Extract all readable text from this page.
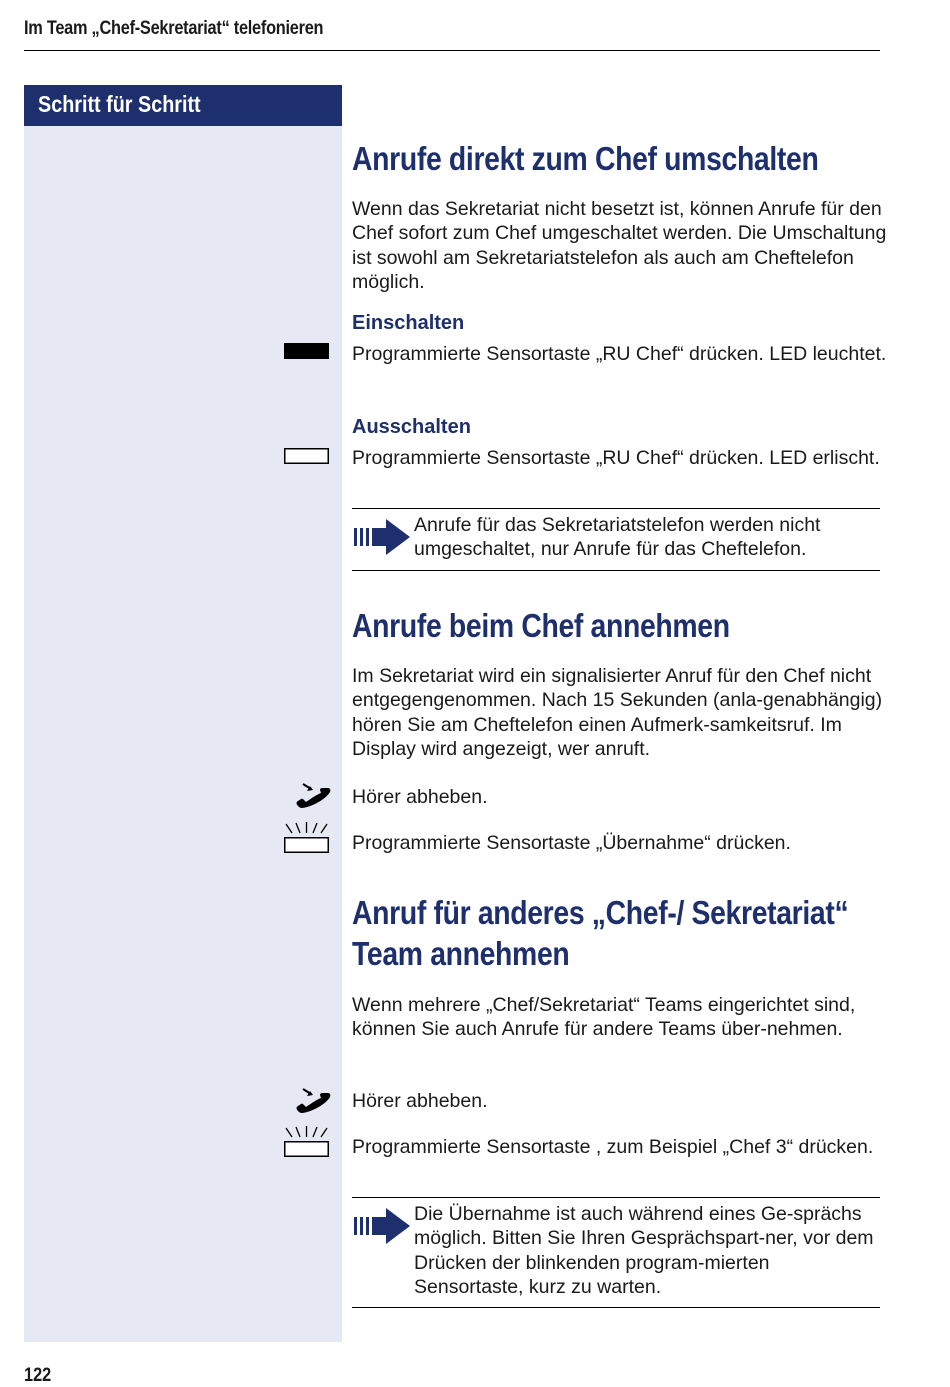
Im Team „Chef-Sekretariat“ telefonieren
Schritt für Schritt
Anrufe direkt zum Chef umschalten
Wenn das Sekretariat nicht besetzt ist, können Anrufe für den Chef sofort zum Chef umgeschaltet werden. Die Umschaltung ist sowohl am Sekretariatstelefon als auch am Cheftelefon möglich.
Einschalten
Programmierte Sensortaste „RU Chef“ drücken. LED leuchtet.
Ausschalten
Programmierte Sensortaste „RU Chef“ drücken. LED erlischt.
Anrufe für das Sekretariatstelefon werden nicht umgeschaltet, nur Anrufe für das Cheftelefon.
Anrufe beim Chef annehmen
Im Sekretariat wird ein signalisierter Anruf für den Chef nicht entgegengenommen. Nach 15 Sekunden (anla-genabhängig) hören Sie am Cheftelefon einen Aufmerk-samkeitsruf. Im Display wird angezeigt, wer anruft.
Hörer abheben.
Programmierte Sensortaste „Übernahme“ drücken.
Anruf für anderes „Chef-/ Sekretariat“
Team annehmen
Wenn mehrere „Chef/Sekretariat“ Teams eingerichtet sind, können Sie auch Anrufe für andere Teams über-nehmen.
Hörer abheben.
Programmierte Sensortaste , zum Beispiel „Chef 3“ drücken.
Die Übernahme ist auch während eines Ge-sprächs möglich. Bitten Sie Ihren Gesprächspart-ner, vor dem Drücken der blinkenden program-mierten Sensortaste, kurz zu warten.
122
